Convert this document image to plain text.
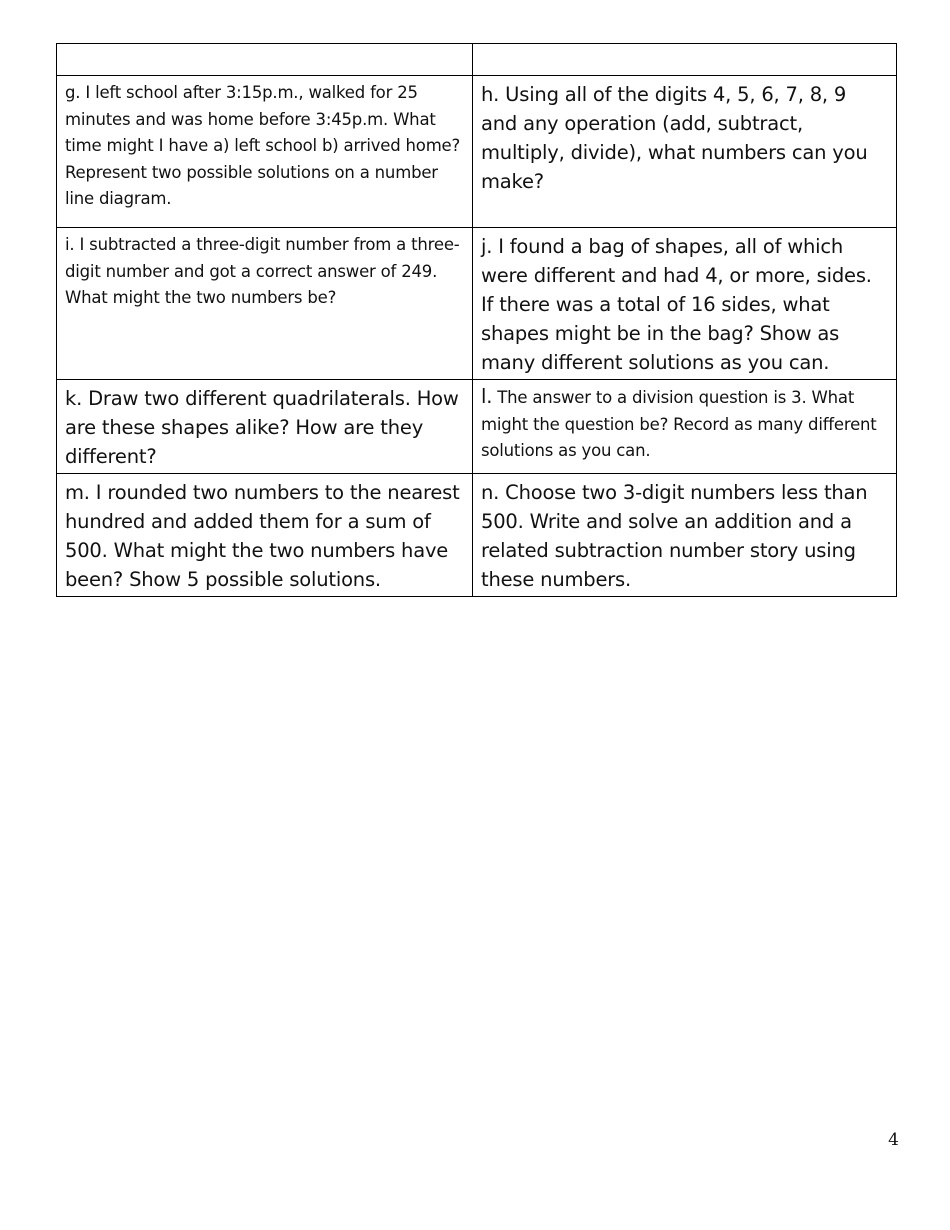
g. I left school after 3:15p.m., walked for 25 minutes and was home before 3:45p.m. What time might I have a) left school b) arrived home? Represent two possible solutions on a number line diagram.	h. Using all of the digits 4, 5, 6, 7, 8, 9 and any operation (add, subtract, multiply, divide), what numbers can you make?
i. I subtracted a three-digit number from a three-digit number and got a correct answer of 249. What might the two numbers be?	j. I found a bag of shapes, all of which were different and had 4, or more, sides. If there was a total of 16 sides, what shapes might be in the bag? Show as many different solutions as you can.
k. Draw two different quadrilaterals. How are these shapes alike? How are they different?	l. The answer to a division question is 3. What might the question be? Record as many different solutions as you can.
m. I rounded two numbers to the nearest hundred and added them for a sum of 500. What might the two numbers have been? Show 5 possible solutions.	n. Choose two 3-digit numbers less than 500. Write and solve an addition and a related subtraction number story using these numbers.
4
